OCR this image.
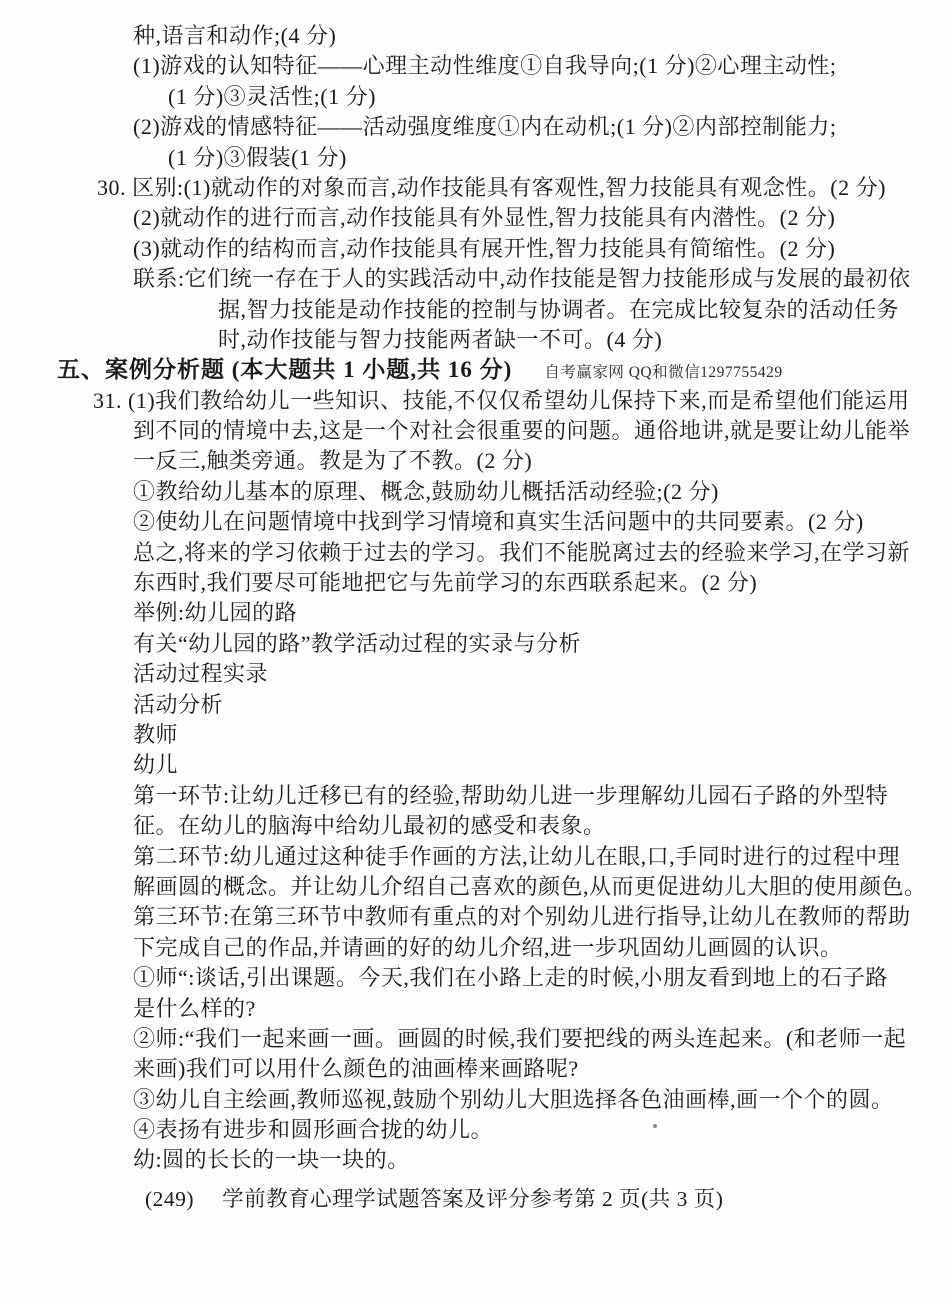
种,语言和动作;(4 分)
(1)游戏的认知特征——心理主动性维度①自我导向;(1 分)②心理主动性;
(1 分)③灵活性;(1 分)
(2)游戏的情感特征——活动强度维度①内在动机;(1 分)②内部控制能力;
(1 分)③假装(1 分)
30. 区别:(1)就动作的对象而言,动作技能具有客观性,智力技能具有观念性。(2 分)
(2)就动作的进行而言,动作技能具有外显性,智力技能具有内潜性。(2 分)
(3)就动作的结构而言,动作技能具有展开性,智力技能具有简缩性。(2 分)
联系:它们统一存在于人的实践活动中,动作技能是智力技能形成与发展的最初依
据,智力技能是动作技能的控制与协调者。在完成比较复杂的活动任务
时,动作技能与智力技能两者缺一不可。(4 分)
五、案例分析题 (本大题共 1 小题,共 16 分) 自考赢家网 QQ和微信1297755429
31. (1)我们教给幼儿一些知识、技能,不仅仅希望幼儿保持下来,而是希望他们能运用
到不同的情境中去,这是一个对社会很重要的问题。通俗地讲,就是要让幼儿能举
一反三,触类旁通。教是为了不教。(2 分)
①教给幼儿基本的原理、概念,鼓励幼儿概括活动经验;(2 分)
②使幼儿在问题情境中找到学习情境和真实生活问题中的共同要素。(2 分)
总之,将来的学习依赖于过去的学习。我们不能脱离过去的经验来学习,在学习新
东西时,我们要尽可能地把它与先前学习的东西联系起来。(2 分)
举例:幼儿园的路
有关“幼儿园的路”教学活动过程的实录与分析
活动过程实录
活动分析
教师
幼儿
第一环节:让幼儿迁移已有的经验,帮助幼儿进一步理解幼儿园石子路的外型特
征。在幼儿的脑海中给幼儿最初的感受和表象。
第二环节:幼儿通过这种徒手作画的方法,让幼儿在眼,口,手同时进行的过程中理
解画圆的概念。并让幼儿介绍自己喜欢的颜色,从而更促进幼儿大胆的使用颜色。
第三环节:在第三环节中教师有重点的对个别幼儿进行指导,让幼儿在教师的帮助
下完成自己的作品,并请画的好的幼儿介绍,进一步巩固幼儿画圆的认识。
①师“:谈话,引出课题。今天,我们在小路上走的时候,小朋友看到地上的石子路
是什么样的?
②师:“我们一起来画一画。画圆的时候,我们要把线的两头连起来。(和老师一起
来画)我们可以用什么颜色的油画棒来画路呢?
③幼儿自主绘画,教师巡视,鼓励个别幼儿大胆选择各色油画棒,画一个个的圆。
④表扬有进步和圆形画合拢的幼儿。
幼:圆的长长的一块一块的。
(249) 学前教育心理学试题答案及评分参考第 2 页(共 3 页)
